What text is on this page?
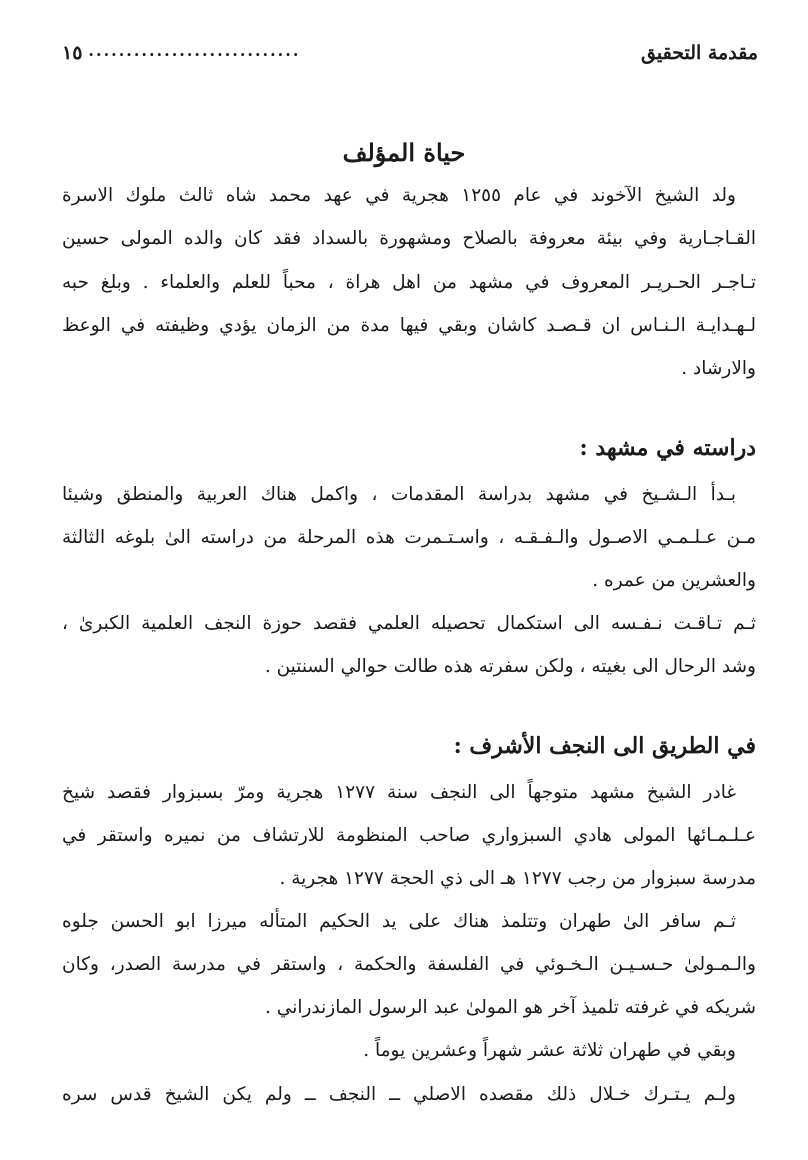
مقدمة التحقيق
............................
١٥
حياة المؤلف
ولد الشيخ الآخوند في عام ١٢٥٥ هجرية في عهد محمد شاه ثالث ملوك الاسرة
القـاجـارية وفي بيئة معروفة بالصلاح ومشهورة بالسداد فقد كان والده المولى حسين
تـاجـر الحـريـر المعروف في مشهد من اهل هراة ، محباً للعلم والعلماء . وبلغ حبه
لـهـدايـة الـنـاس ان قـصـد كاشان وبقي فيها مدة من الزمان يؤدي وظيفته في الوعظ
والارشاد .
دراسته في مشهد :
بـدأ الـشـيخ في مشهد بدراسة المقدمات ، واكمل هناك العربية والمنطق وشيئا
مـن عـلـمـي الاصـول والـفـقـه ، واسـتـمرت هذه المرحلة من دراسته الىٰ بلوغه الثالثة
والعشرين من عمره .
ثـم تـاقـت نـفـسه الى استكمال تحصيله العلمي فقصد حوزة النجف العلمية الكبرىٰ ،
وشد الرحال الى بغيته ، ولكن سفرته هذه طالت حوالي السنتين .
في الطريق الى النجف الأشرف :
غادر الشيخ مشهد متوجهاً الى النجف سنة ١٢٧٧ هجرية ومرّ بسبزوار فقصد شيخ
عـلـمـائها المولى هادي السبزواري صاحب المنظومة للارتشاف من نميره واستقر في
مدرسة سبزوار من رجب ١٢٧٧ هـ الى ذي الحجة ١٢٧٧ هجرية .
ثـم سافر الىٰ طهران وتتلمذ هناك على يد الحكيم المتأله ميرزا ابو الحسن جلوه
والـمـولىٰ حـسـيـن الـخـوئي في الفلسفة والحكمة ، واستقر في مدرسة الصدر، وكان
شريكه في غرفته تلميذ آخر هو المولىٰ عبد الرسول المازندراني .
وبقي في طهران ثلاثة عشر شهراً وعشرين يوماً .
ولـم يـتـرك خـلال ذلك مقصده الاصلي ــ النجف ــ ولم يكن الشيخ قدس سره
